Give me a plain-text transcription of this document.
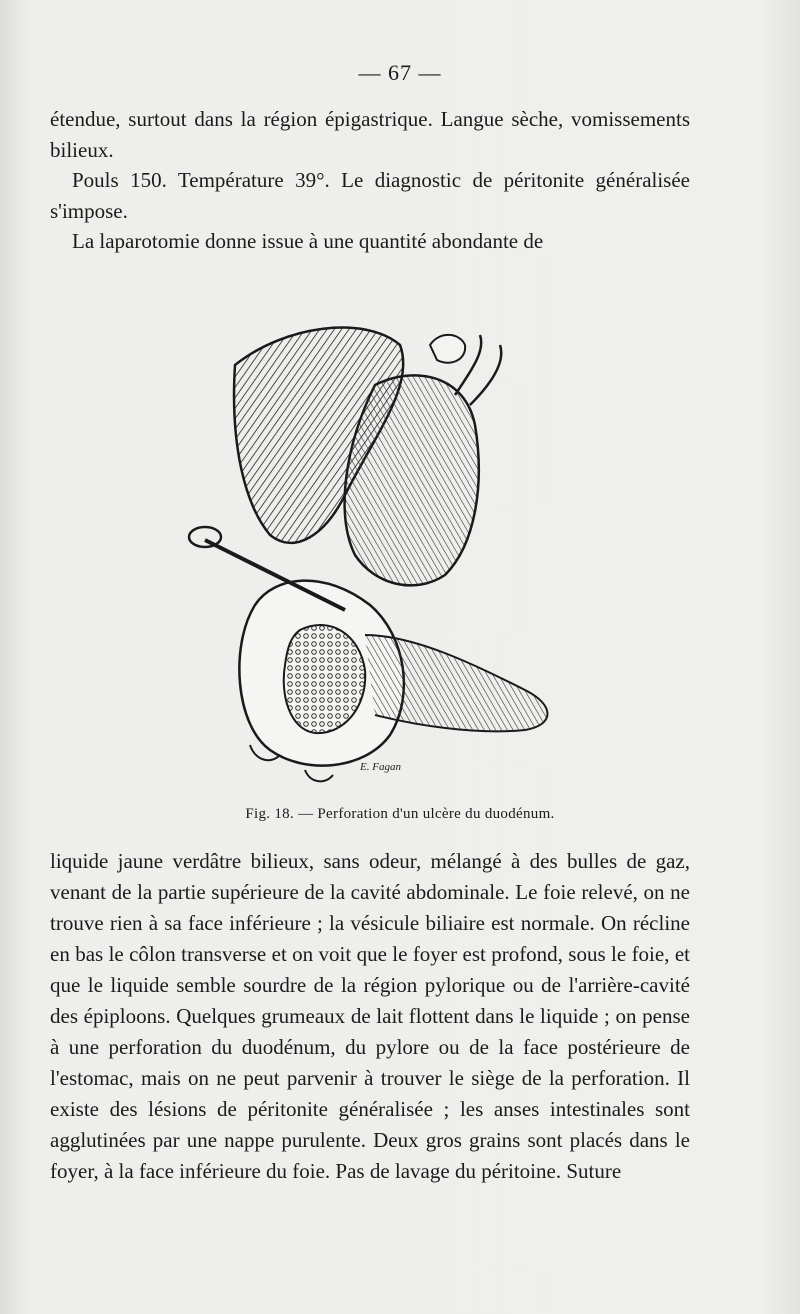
— 67 —

étendue, surtout dans la région épigastrique. Langue sèche, vomissements bilieux.

Pouls 150. Température 39°. Le diagnostic de péritonite généralisée s'impose.

La laparotomie donne issue à une quantité abondante de

E. Fagan
Fig. 18. — Perforation d'un ulcère du duodénum.

liquide jaune verdâtre bilieux, sans odeur, mélangé à des bulles de gaz, venant de la partie supérieure de la cavité abdominale. Le foie relevé, on ne trouve rien à sa face inférieure ; la vésicule biliaire est normale. On récline en bas le côlon transverse et on voit que le foyer est profond, sous le foie, et que le liquide semble sourdre de la région pylorique ou de l'arrière-cavité des épiploons. Quelques grumeaux de lait flottent dans le liquide ; on pense à une perforation du duodénum, du pylore ou de la face postérieure de l'estomac, mais on ne peut parvenir à trouver le siège de la perforation. Il existe des lésions de péritonite généralisée ; les anses intestinales sont agglutinées par une nappe purulente. Deux gros grains sont placés dans le foyer, à la face inférieure du foie. Pas de lavage du péritoine. Suture
